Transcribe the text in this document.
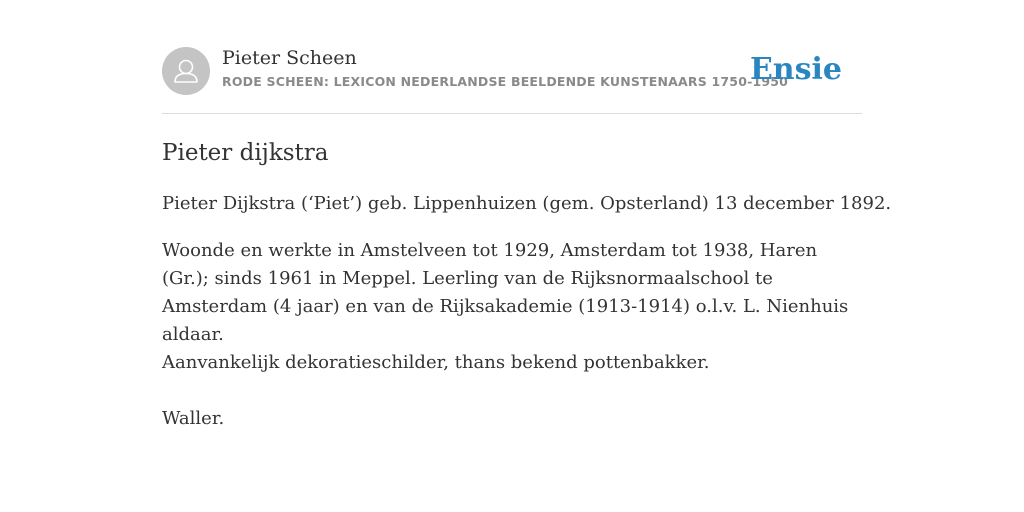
Pieter Scheen
RODE SCHEEN: LEXICON NEDERLANDSE BEELDENDE KUNSTENAARS 1750-1950
Ensie
Pieter dijkstra

Pieter Dijkstra (‘Piet’) geb. Lippenhuizen (gem. Opsterland) 13 december 1892.

Woonde en werkte in Amstelveen tot 1929, Amsterdam tot 1938, Haren (Gr.); sinds 1961 in Meppel. Leerling van de Rijksnormaalschool te Amsterdam (4 jaar) en van de Rijksakademie (1913-1914) o.l.v. L. Nienhuis aldaar.

Aanvankelijk dekoratieschilder, thans bekend pottenbakker.

Waller.
